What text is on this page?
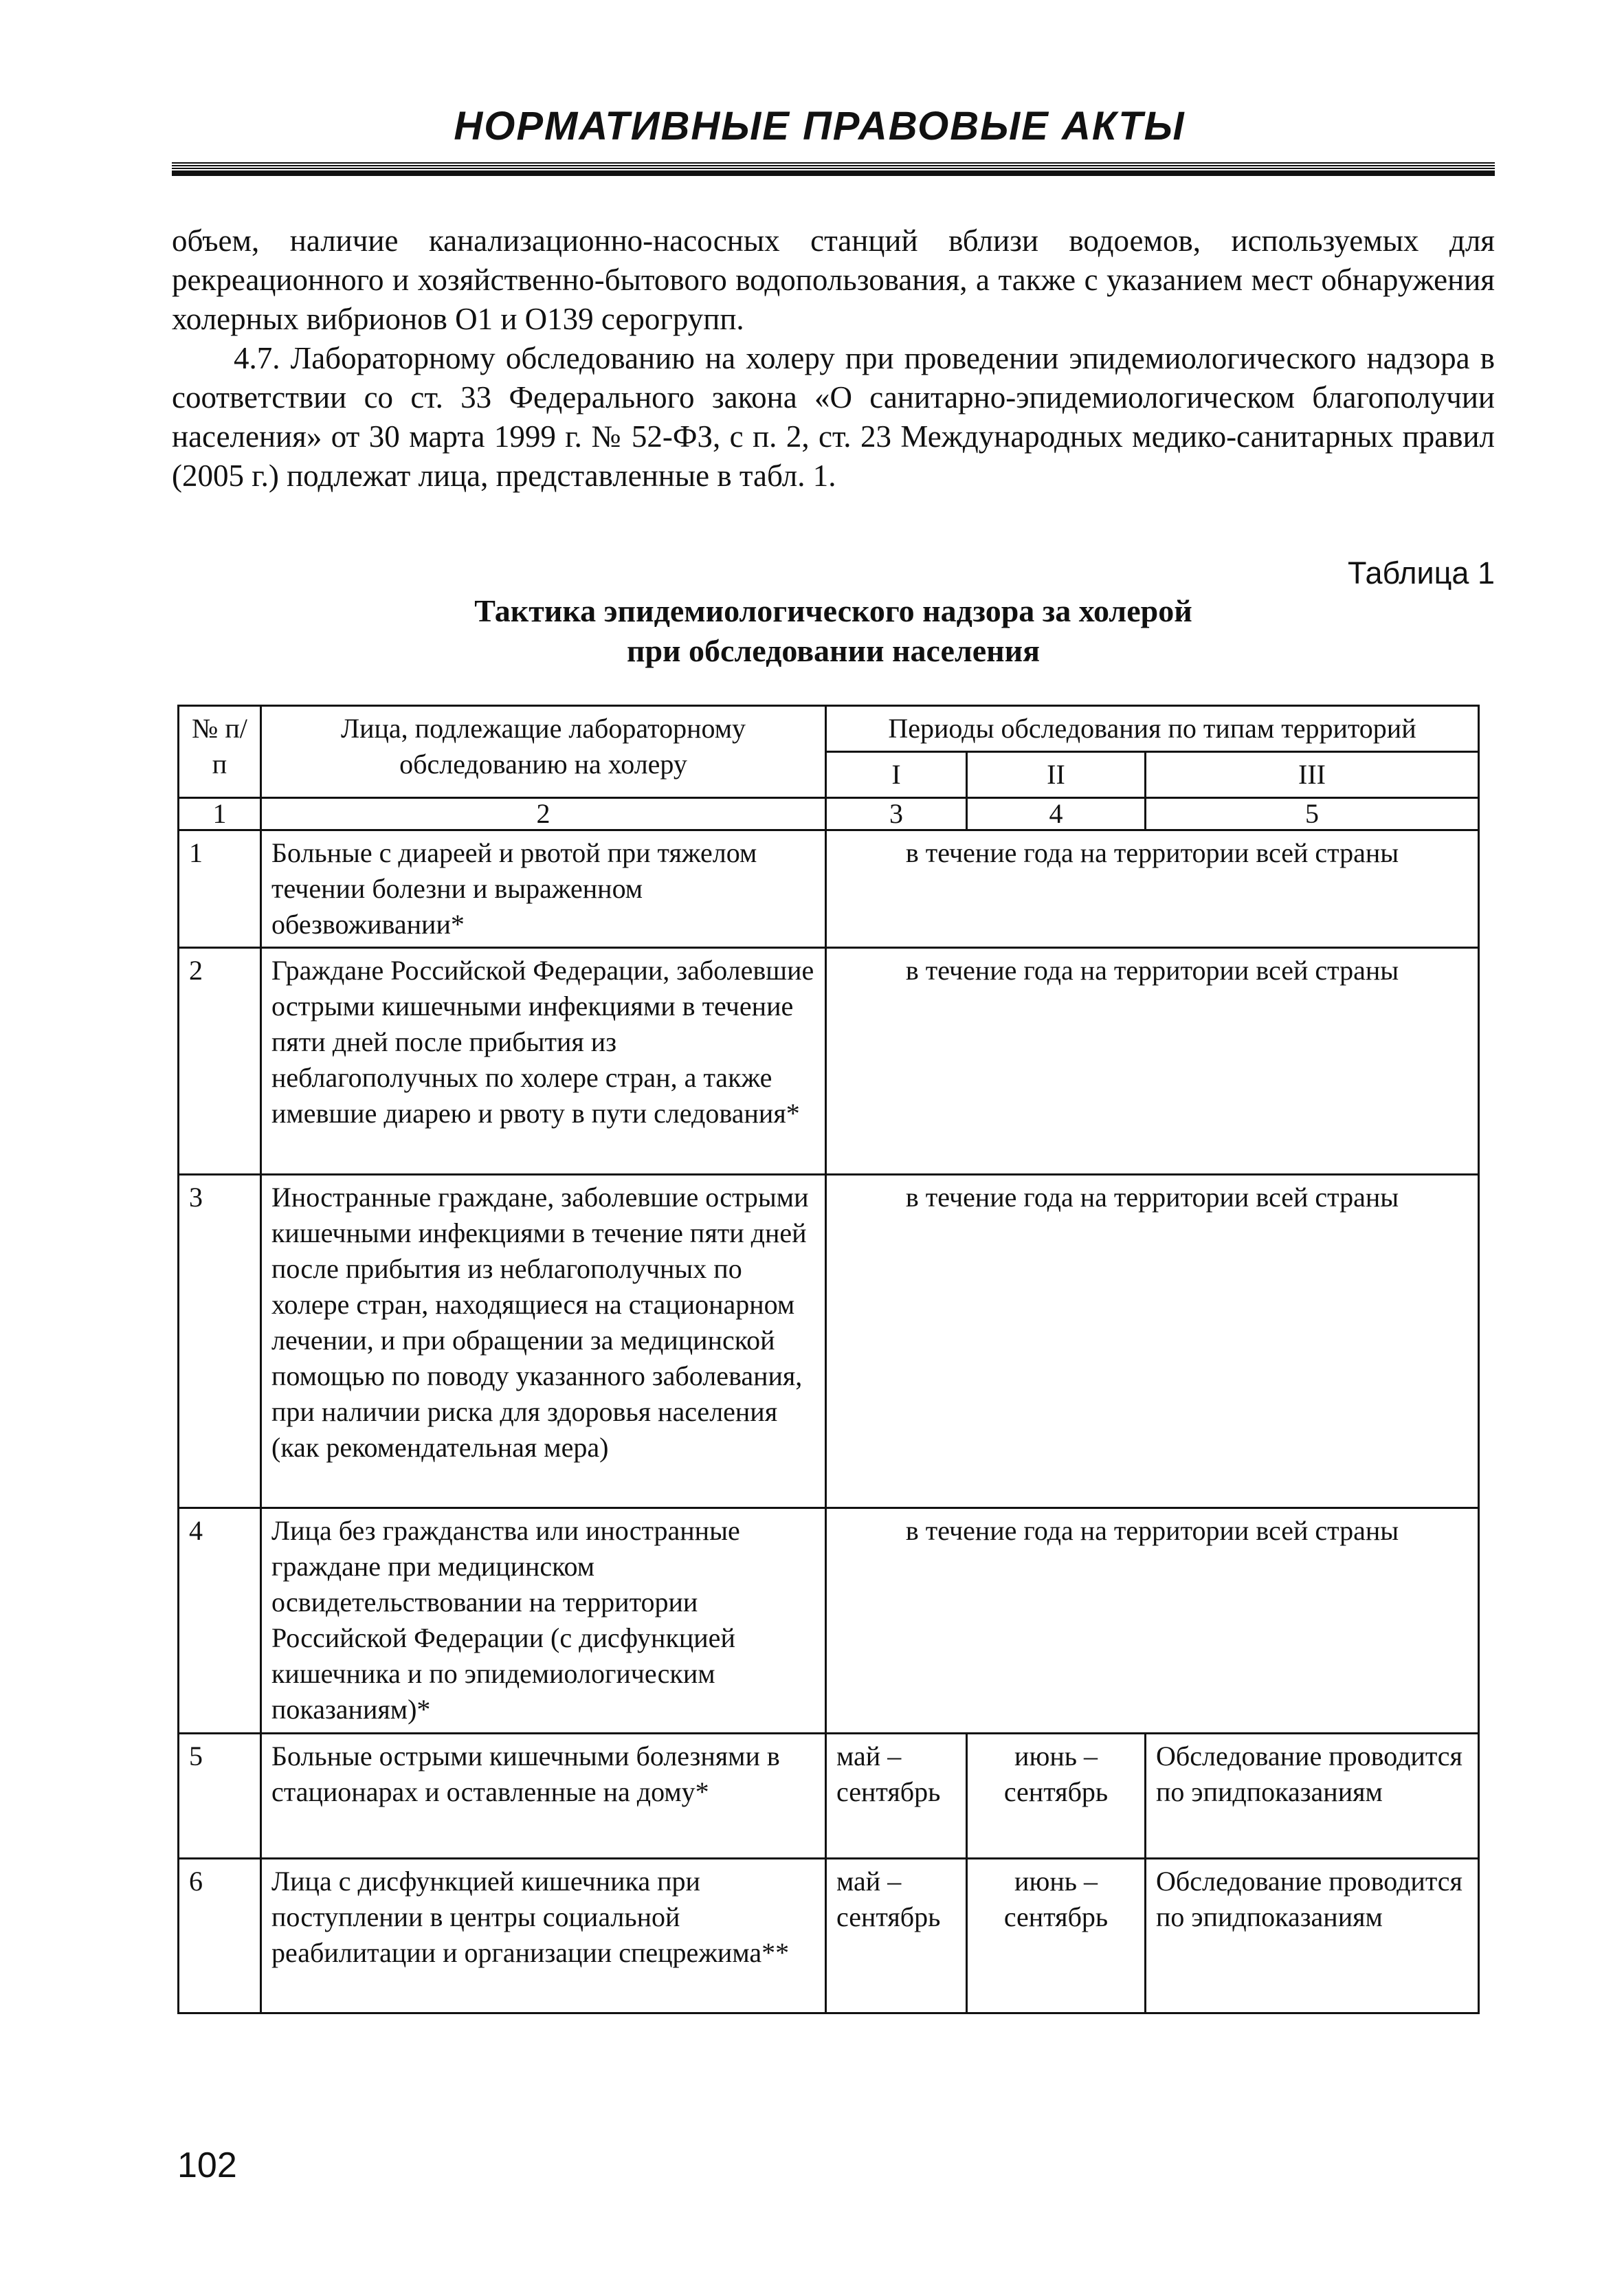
НОРМАТИВНЫЕ ПРАВОВЫЕ АКТЫ

объем, наличие канализационно-насосных станций вблизи водоемов, используемых для рекреационного и хозяйственно-бытового водопользования, а также с указанием мест обнаружения холерных вибрионов О1 и О139 серогрупп.

4.7. Лабораторному обследованию на холеру при проведении эпидемиологического надзора в соответствии со ст. 33 Федерального закона «О санитарно-эпидемиологическом благополучии населения» от 30 марта 1999 г. № 52-ФЗ, с п. 2, ст. 23 Международных медико-санитарных правил (2005 г.) подлежат лица, представленные в табл. 1.

Таблица 1
Тактика эпидемиологического надзора за холерой
при обследовании населения
№ п/п	Лица, подлежащие лабораторному обследованию на холеру	Периоды обследования по типам территорий		
		I	II	III
1	2	3	4	5
1	Больные с диареей и рвотой при тяжелом течении болезни и выраженном обезвоживании*	в течение года на территории всей страны		
2	Граждане Российской Федерации, заболевшие острыми кишечными инфекциями в течение пяти дней после прибытия из неблагополучных по холере стран, а также имевшие диарею и рвоту в пути следования*	в течение года на территории всей страны		
3	Иностранные граждане, заболевшие острыми кишечными инфекциями в течение пяти дней после прибытия из неблагополучных по холере стран, находящиеся на стационарном лечении, и при обращении за медицинской помощью по поводу указанного заболевания, при наличии риска для здоровья населения (как рекомендательная мера)	в течение года на территории всей страны		
4	Лица без гражданства или иностранные граждане при медицинском освидетельствовании на территории Российской Федерации (с дисфункцией кишечника и по эпидемиологическим показаниям)*	в течение года на территории всей страны		
5	Больные острыми кишечными болезнями в стационарах и оставленные на дому*	май – сентябрь	июнь – сентябрь	Обследование проводится по эпидпоказаниям
6	Лица с дисфункцией кишечника при поступлении в центры социальной реабилитации и организации спецрежима**	май – сентябрь	июнь – сентябрь	Обследование проводится по эпидпоказаниям
102
